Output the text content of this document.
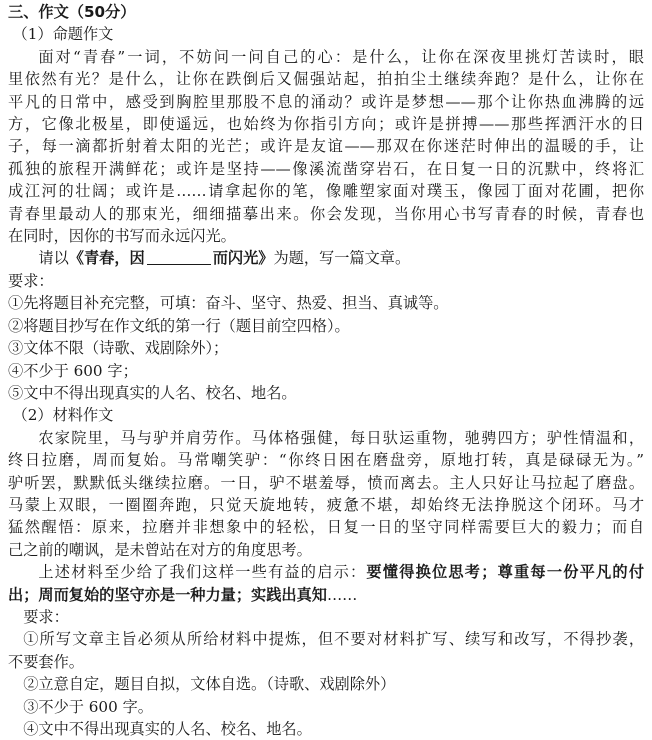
三、作文（50分）
（1）命题作文
面对“青春”一词，不妨问一问自己的心：是什么，让你在深夜里挑灯苦读时，眼
里依然有光？是什么，让你在跌倒后又倔强站起，拍拍尘土继续奔跑？是什么，让你在
平凡的日常中，感受到胸腔里那股不息的涌动？或许是梦想——那个让你热血沸腾的远
方，它像北极星，即使遥远，也始终为你指引方向；或许是拼搏——那些挥洒汗水的日
子，每一滴都折射着太阳的光芒；或许是友谊——那双在你迷茫时伸出的温暖的手，让
孤独的旅程开满鲜花；或许是坚持——像溪流凿穿岩石，在日复一日的沉默中，终将汇
成江河的壮阔；或许是……请拿起你的笔，像雕塑家面对璞玉，像园丁面对花圃，把你
青春里最动人的那束光，细细描摹出来。你会发现，当你用心书写青春的时候，青春也
在同时，因你的书写而永远闪光。
请以《青春，因	而闪光》为题，写一篇文章。
要求：
①先将题目补充完整，可填：奋斗、坚守、热爱、担当、真诚等。
②将题目抄写在作文纸的第一行（题目前空四格）。
③文体不限（诗歌、戏剧除外）；
④不少于 600 字；
⑤文中不得出现真实的人名、校名、地名。
（2）材料作文
农家院里，马与驴并肩劳作。马体格强健，每日驮运重物，驰骋四方；驴性情温和，
终日拉磨，周而复始。马常嘲笑驴：“你终日困在磨盘旁，原地打转，真是碌碌无为。”
驴听罢，默默低头继续拉磨。一日，驴不堪羞辱，愤而离去。主人只好让马拉起了磨盘。
马蒙上双眼，一圈圈奔跑，只觉天旋地转，疲惫不堪，却始终无法挣脱这个闭环。马才
猛然醒悟：原来，拉磨并非想象中的轻松，日复一日的坚守同样需要巨大的毅力；而自
己之前的嘲讽，是未曾站在对方的角度思考。
上述材料至少给了我们这样一些有益的启示：要懂得换位思考；尊重每一份平凡的付
出；周而复始的坚守亦是一种力量；实践出真知……
要求：
①所写文章主旨必须从所给材料中提炼，但不要对材料扩写、续写和改写，不得抄袭，
不要套作。
②立意自定，题目自拟，文体自选。（诗歌、戏剧除外）
③不少于 600 字。
④文中不得出现真实的人名、校名、地名。
